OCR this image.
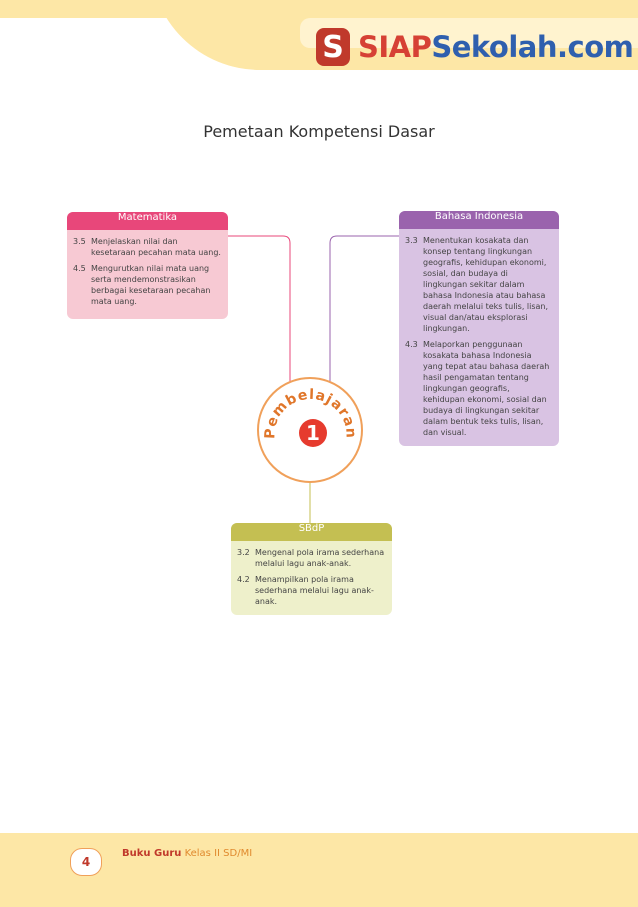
S SIAPSekolah.com
Pemetaan Kompetensi Dasar
Matematika
3.5 Menjelaskan nilai dan kesetaraan pecahan mata uang.
4.5 Mengurutkan nilai mata uang serta mendemonstrasikan berbagai kesetaraan pecahan mata uang.
Bahasa Indonesia
3.3 Menentukan kosakata dan konsep tentang lingkungan geografis, kehidupan ekonomi, sosial, dan budaya di lingkungan sekitar dalam bahasa Indonesia atau bahasa daerah melalui teks tulis, lisan, visual dan/atau eksplorasi lingkungan.
4.3 Melaporkan penggunaan kosakata bahasa Indonesia yang tepat atau bahasa daerah hasil pengamatan tentang lingkungan geografis, kehidupan ekonomi, sosial dan budaya di lingkungan sekitar dalam bentuk teks tulis, lisan, dan visual.
Pembelajaran
1
SBdP
3.2 Mengenal pola irama sederhana melalui lagu anak-anak.
4.2 Menampilkan pola irama sederhana melalui lagu anak-anak.
4
Buku Guru Kelas II SD/MI
